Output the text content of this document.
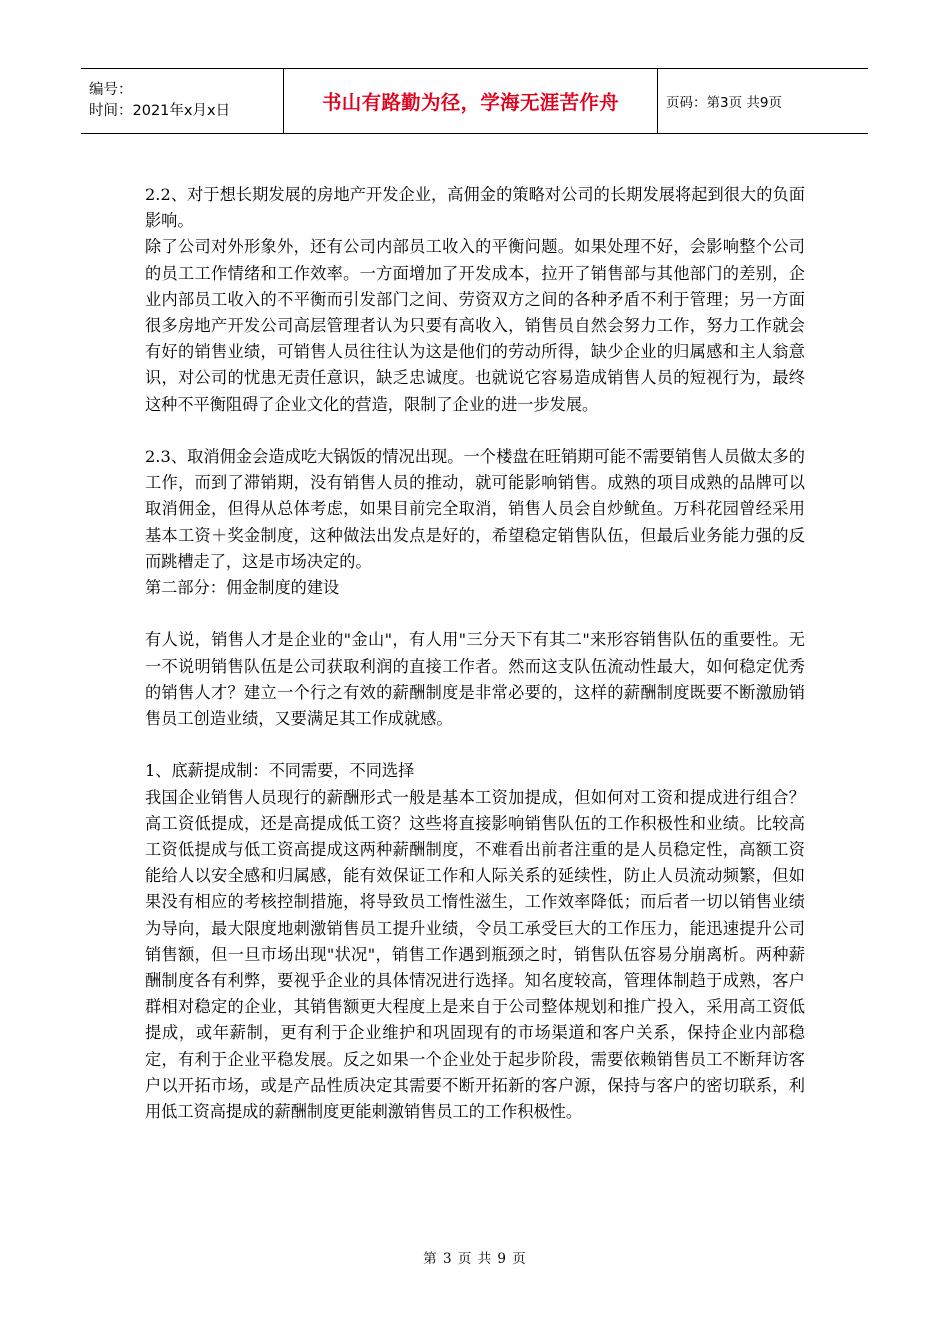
编号：
时间：2021年x月x日	书山有路勤为径，学海无涯苦作舟	页码：第3页 共9页

2.2、对于想长期发展的房地产开发企业，高佣金的策略对公司的长期发展将起到很大的负面影响。

除了公司对外形象外，还有公司内部员工收入的平衡问题。如果处理不好，会影响整个公司的员工工作情绪和工作效率。一方面增加了开发成本，拉开了销售部与其他部门的差别，企业内部员工收入的不平衡而引发部门之间、劳资双方之间的各种矛盾不利于管理；另一方面很多房地产开发公司高层管理者认为只要有高收入，销售员自然会努力工作，努力工作就会有好的销售业绩，可销售人员往往认为这是他们的劳动所得，缺少企业的归属感和主人翁意识，对公司的忧患无责任意识，缺乏忠诚度。也就说它容易造成销售人员的短视行为，最终这种不平衡阻碍了企业文化的营造，限制了企业的进一步发展。

2.3、取消佣金会造成吃大锅饭的情况出现。一个楼盘在旺销期可能不需要销售人员做太多的工作，而到了滞销期，没有销售人员的推动，就可能影响销售。成熟的项目成熟的品牌可以取消佣金，但得从总体考虑，如果目前完全取消，销售人员会自炒鱿鱼。万科花园曾经采用基本工资＋奖金制度，这种做法出发点是好的，希望稳定销售队伍，但最后业务能力强的反而跳槽走了，这是市场决定的。

第二部分：佣金制度的建设

有人说，销售人才是企业的"金山"，有人用"三分天下有其二"来形容销售队伍的重要性。无一不说明销售队伍是公司获取利润的直接工作者。然而这支队伍流动性最大，如何稳定优秀的销售人才？建立一个行之有效的薪酬制度是非常必要的，这样的薪酬制度既要不断激励销售员工创造业绩，又要满足其工作成就感。

1、底薪提成制：不同需要，不同选择

我国企业销售人员现行的薪酬形式一般是基本工资加提成，但如何对工资和提成进行组合？高工资低提成，还是高提成低工资？这些将直接影响销售队伍的工作积极性和业绩。比较高工资低提成与低工资高提成这两种薪酬制度，不难看出前者注重的是人员稳定性，高额工资能给人以安全感和归属感，能有效保证工作和人际关系的延续性，防止人员流动频繁，但如果没有相应的考核控制措施，将导致员工惰性滋生，工作效率降低；而后者一切以销售业绩为导向，最大限度地刺激销售员工提升业绩，令员工承受巨大的工作压力，能迅速提升公司销售额，但一旦市场出现"状况"，销售工作遇到瓶颈之时，销售队伍容易分崩离析。两种薪酬制度各有利弊，要视乎企业的具体情况进行选择。知名度较高，管理体制趋于成熟，客户群相对稳定的企业，其销售额更大程度上是来自于公司整体规划和推广投入，采用高工资低提成，或年薪制，更有利于企业维护和巩固现有的市场渠道和客户关系，保持企业内部稳定，有利于企业平稳发展。反之如果一个企业处于起步阶段，需要依赖销售员工不断拜访客户以开拓市场，或是产品性质决定其需要不断开拓新的客户源，保持与客户的密切联系，利用低工资高提成的薪酬制度更能刺激销售员工的工作积极性。

第 3 页 共 9 页
